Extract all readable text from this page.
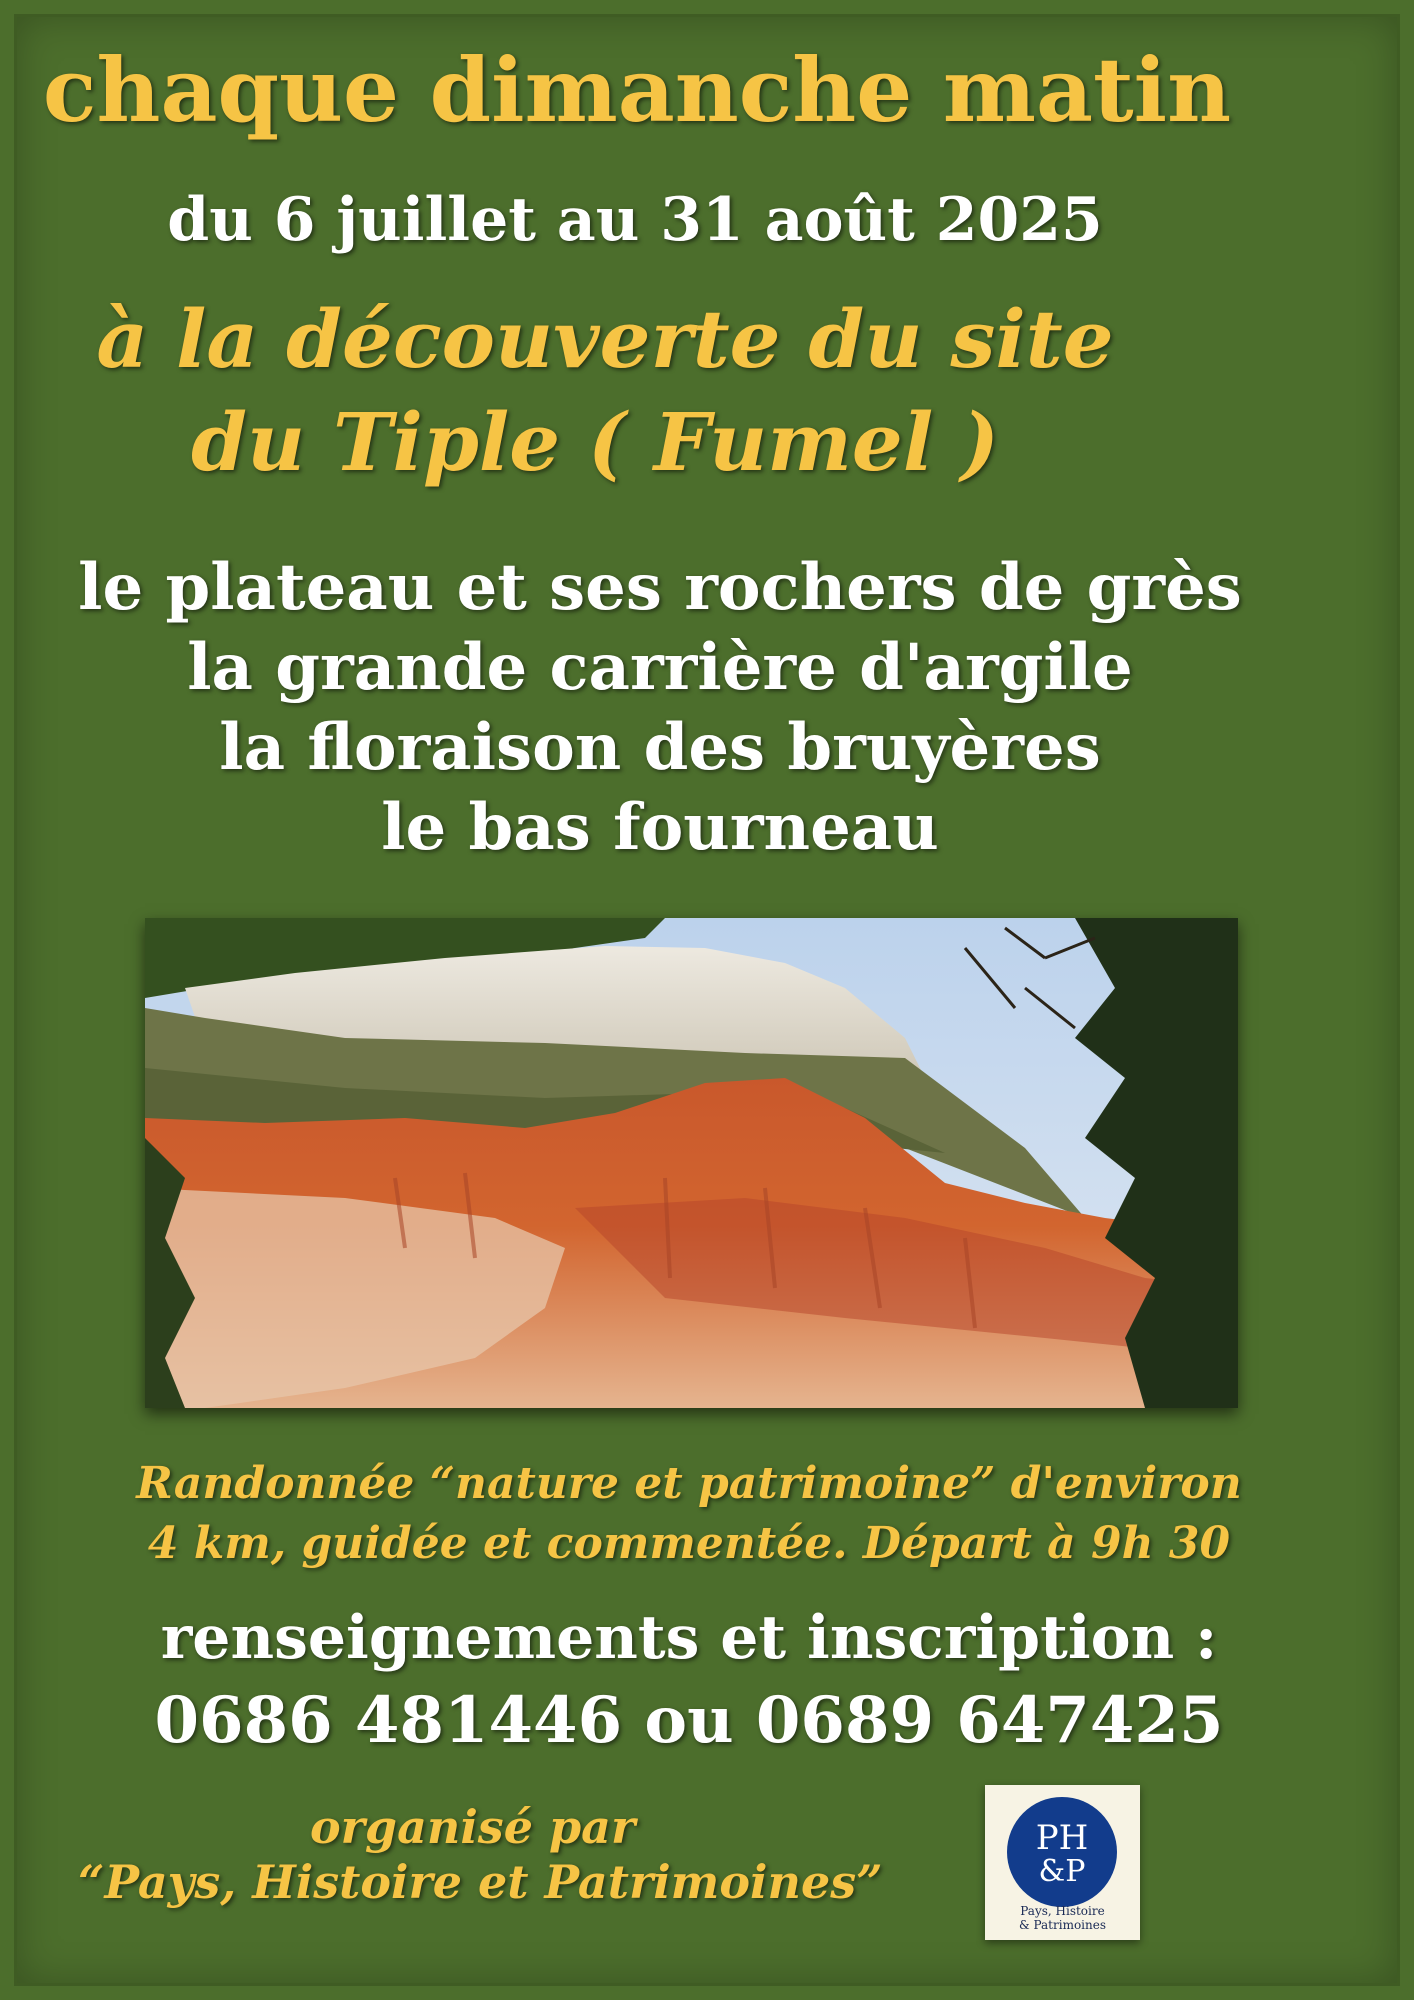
chaque dimanche matin

du 6 juillet au 31 août 2025

à la découverte du site

du Tiple ( Fumel )

le plateau et ses rochers de grès

la grande carrière d'argile

la floraison des bruyères

le bas fourneau

Randonnée “nature et patrimoine” d'environ

4 km, guidée et commentée. Départ à 9h 30

renseignements et inscription :

0686 481446 ou 0689 647425

organisé par

“Pays, Histoire et Patrimoines”

PH
&P
Pays, Histoire
& Patrimoines
